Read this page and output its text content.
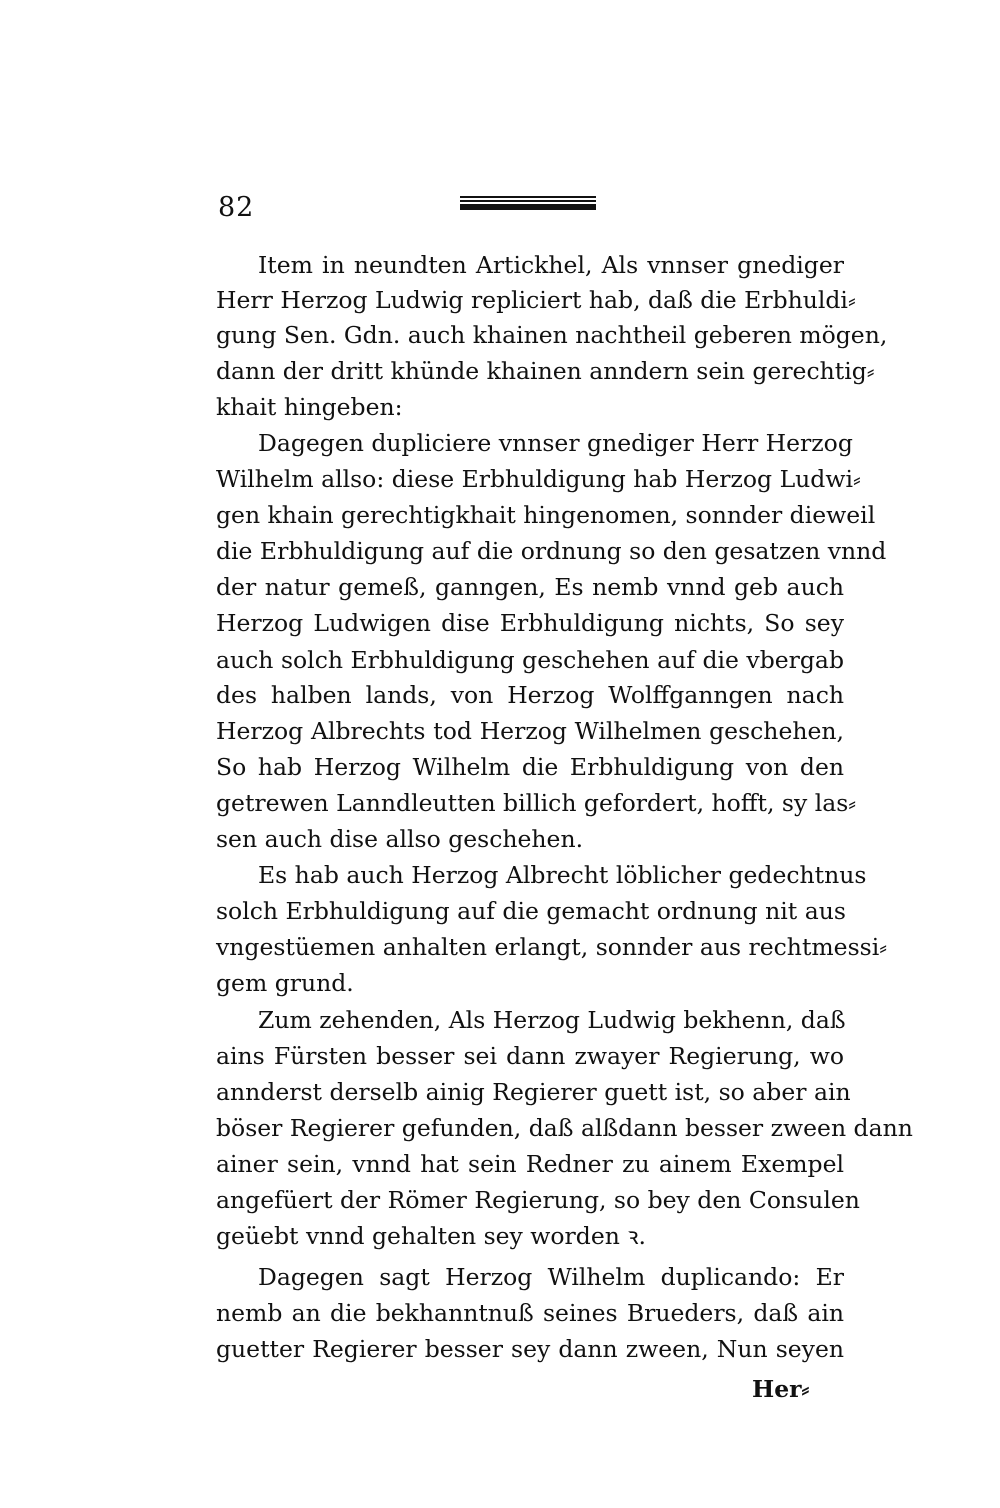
82
Item in neundten Artickhel, Als vnnser gnediger
Herr Herzog Ludwig repliciert hab, daß die Erbhuldi⸗
gung Sen. Gdn. auch khainen nachtheil geberen mögen,
dann der dritt khünde khainen anndern sein gerechtig⸗
khait hingeben:
Dagegen dupliciere vnnser gnediger Herr Herzog
Wilhelm allso: diese Erbhuldigung hab Herzog Ludwi⸗
gen khain gerechtigkhait hingenomen, sonnder dieweil
die Erbhuldigung auf die ordnung so den gesatzen vnnd
der natur gemeß, ganngen, Es nemb vnnd geb auch
Herzog Ludwigen dise Erbhuldigung nichts, So sey
auch solch Erbhuldigung geschehen auf die vbergab
des halben lands, von Herzog Wolffganngen nach
Herzog Albrechts tod Herzog Wilhelmen geschehen,
So hab Herzog Wilhelm die Erbhuldigung von den
getrewen Lanndleutten billich gefordert, hofft, sy las⸗
sen auch dise allso geschehen.
Es hab auch Herzog Albrecht löblicher gedechtnus
solch Erbhuldigung auf die gemacht ordnung nit aus
vngestüemen anhalten erlangt, sonnder aus rechtmessi⸗
gem grund.
Zum zehenden, Als Herzog Ludwig bekhenn, daß
ains Fürsten besser sei dann zwayer Regierung, wo
annderst derselb ainig Regierer guett ist, so aber ain
böser Regierer gefunden, daß alßdann besser zween dann
ainer sein, vnnd hat sein Redner zu ainem Exempel
angefüert der Römer Regierung, so bey den Consulen
geüebt vnnd gehalten sey worden ꝛ.
Dagegen sagt Herzog Wilhelm duplicando: Er
nemb an die bekhanntnuß seines Brueders, daß ain
guetter Regierer besser sey dann zween, Nun seyen
Her⸗
